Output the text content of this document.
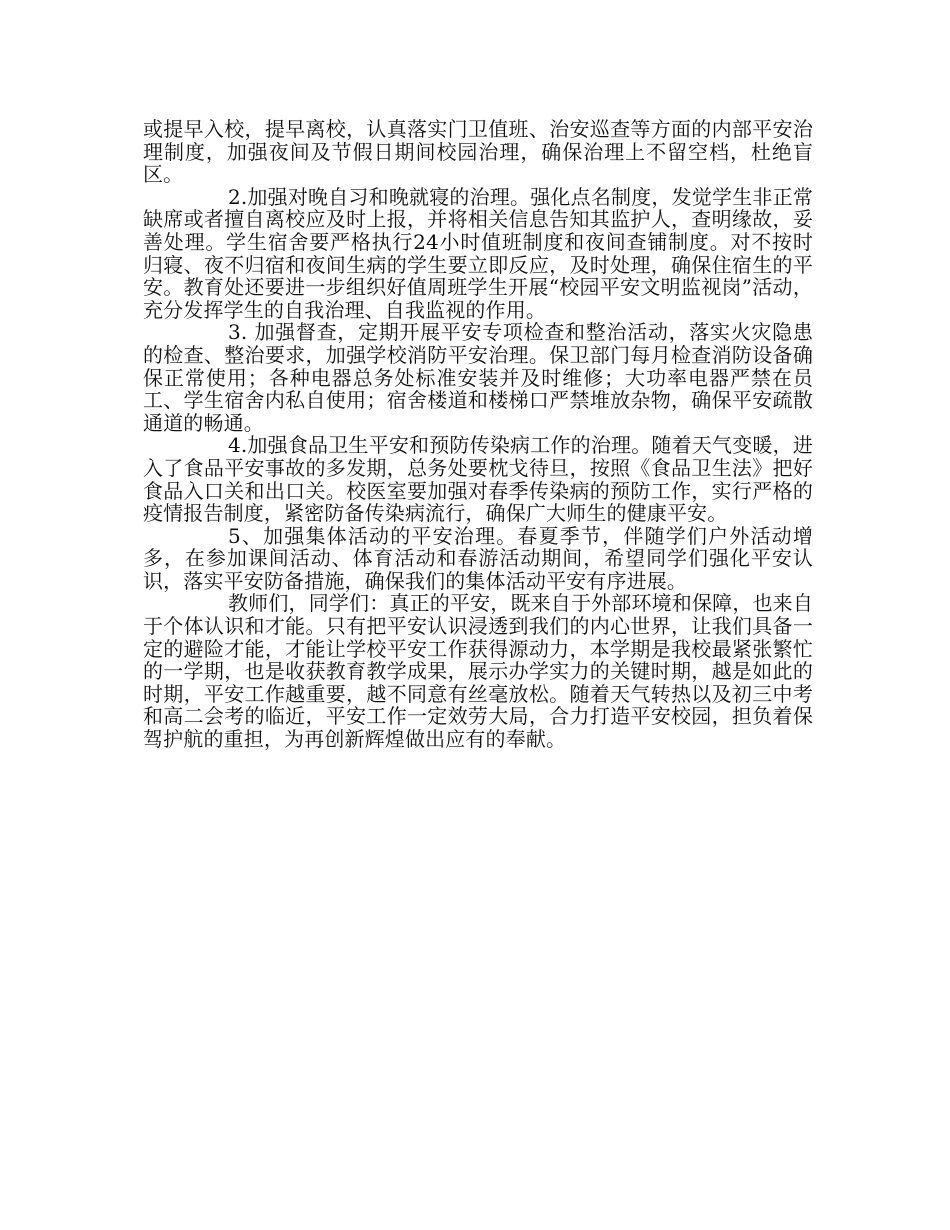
或提早入校，提早离校，认真落实门卫值班、治安巡查等方面的内部平安治理制度，加强夜间及节假日期间校园治理，确保治理上不留空档，杜绝盲区。

2.加强对晚自习和晚就寝的治理。强化点名制度，发觉学生非正常缺席或者擅自离校应及时上报，并将相关信息告知其监护人，查明缘故，妥善处理。学生宿舍要严格执行24小时值班制度和夜间查铺制度。对不按时归寝、夜不归宿和夜间生病的学生要立即反应，及时处理，确保住宿生的平安。教育处还要进一步组织好值周班学生开展“校园平安文明监视岗”活动，充分发挥学生的自我治理、自我监视的作用。

3. 加强督查，定期开展平安专项检查和整治活动，落实火灾隐患的检查、整治要求，加强学校消防平安治理。保卫部门每月检查消防设备确保正常使用；各种电器总务处标准安装并及时维修；大功率电器严禁在员工、学生宿舍内私自使用；宿舍楼道和楼梯口严禁堆放杂物，确保平安疏散通道的畅通。

4.加强食品卫生平安和预防传染病工作的治理。随着天气变暖，进入了食品平安事故的多发期，总务处要枕戈待旦，按照《食品卫生法》把好食品入口关和出口关。校医室要加强对春季传染病的预防工作，实行严格的疫情报告制度，紧密防备传染病流行，确保广大师生的健康平安。

5、加强集体活动的平安治理。春夏季节，伴随学们户外活动增多，在参加课间活动、体育活动和春游活动期间，希望同学们强化平安认识，落实平安防备措施，确保我们的集体活动平安有序进展。

教师们，同学们：真正的平安，既来自于外部环境和保障，也来自于个体认识和才能。只有把平安认识浸透到我们的内心世界，让我们具备一定的避险才能，才能让学校平安工作获得源动力，本学期是我校最紧张繁忙的一学期，也是收获教育教学成果，展示办学实力的关键时期，越是如此的时期，平安工作越重要，越不同意有丝毫放松。随着天气转热以及初三中考和高二会考的临近，平安工作一定效劳大局，合力打造平安校园，担负着保驾护航的重担，为再创新辉煌做出应有的奉献。
